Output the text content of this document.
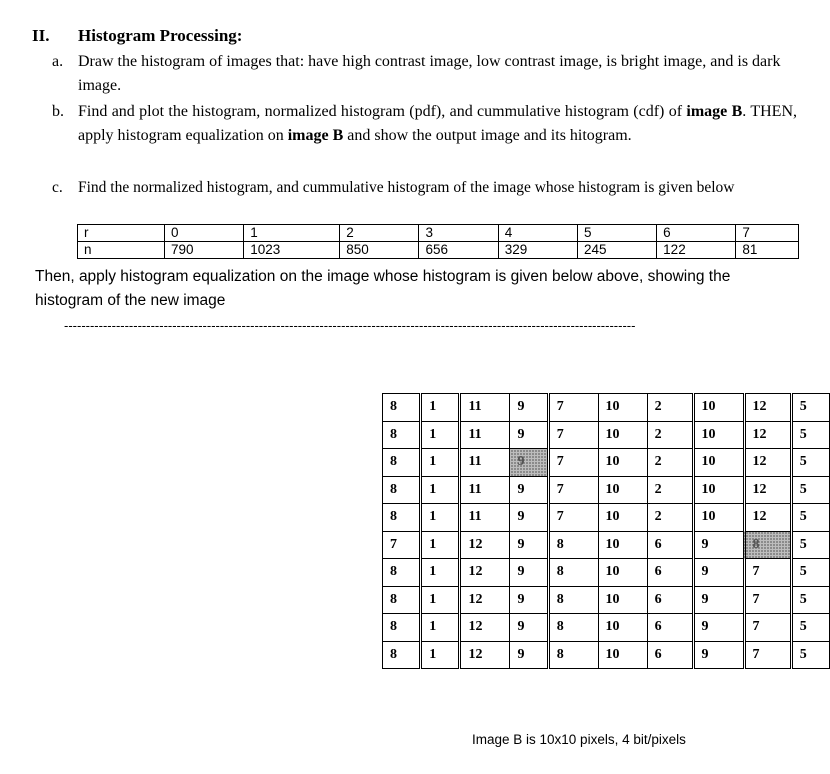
II. Histogram Processing:
a. Draw the histogram of images that: have high contrast image, low contrast image, is bright image, and is dark image.
b. Find and plot the histogram, normalized histogram (pdf), and cummulative histogram (cdf) of image B. THEN, apply histogram equalization on image B and show the output image and its hitogram.
c. Find the normalized histogram, and cummulative histogram of the image whose histogram is given below
r	0	1	2	3	4	5	6	7
n	790	1023	850	656	329	245	122	81
Then, apply histogram equalization on the image whose histogram is given below above, showing the histogram of the new image
------------------------------------------------------------------------------------------------------------------------------------
8	1	11	9	7	10	2	10	12	5
8	1	11	9	7	10	2	10	12	5
8	1	11	9	7	10	2	10	12	5
8	1	11	9	7	10	2	10	12	5
8	1	11	9	7	10	2	10	12	5
7	1	12	9	8	10	6	9	8	5
8	1	12	9	8	10	6	9	7	5
8	1	12	9	8	10	6	9	7	5
8	1	12	9	8	10	6	9	7	5
8	1	12	9	8	10	6	9	7	5
Image B is 10x10 pixels, 4 bit/pixels
